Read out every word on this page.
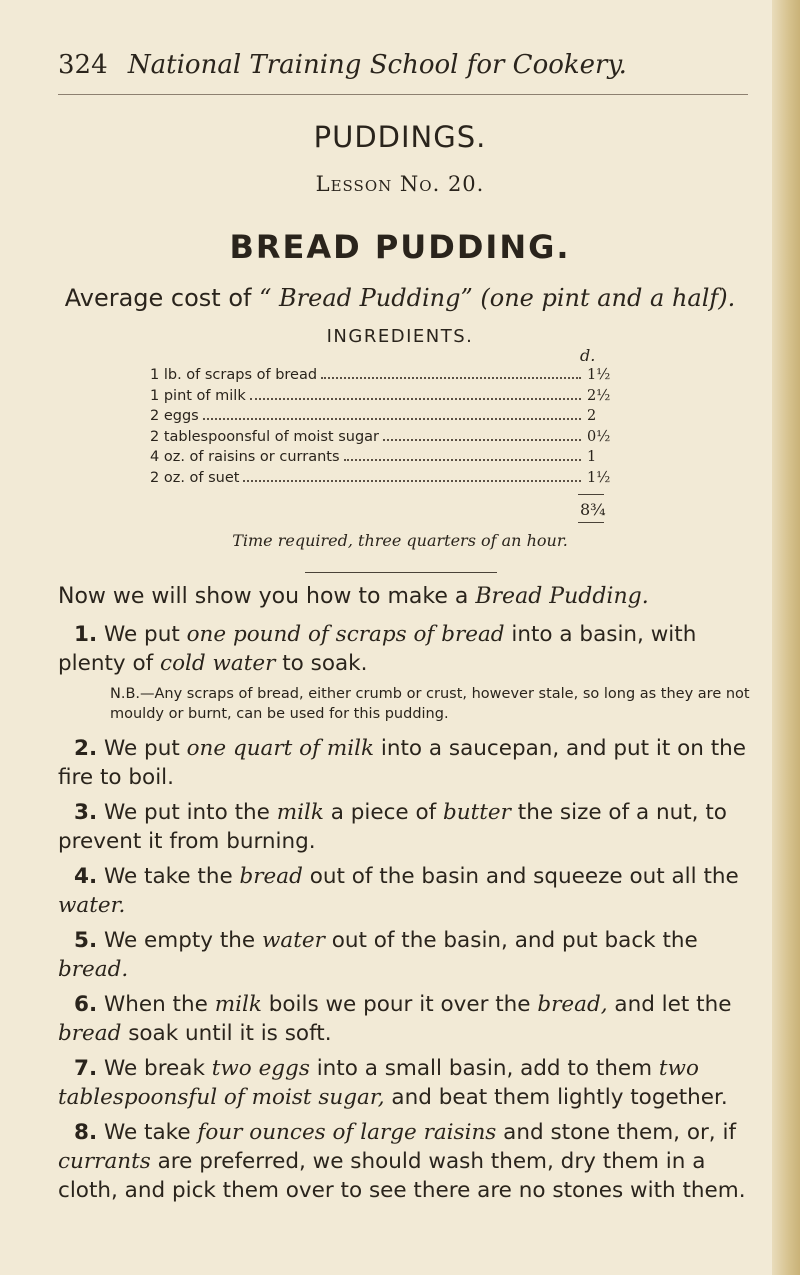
324 National Training School for Cookery.
PUDDINGS.
Lesson No. 20.
BREAD PUDDING.
Average cost of “ Bread Pudding” (one pint and a half).
INGREDIENTS.
d.
1 lb. of scraps of bread	1½
1 pint of milk	2½
2 eggs	2
2 tablespoonsful of moist sugar	0½
4 oz. of raisins or currants	1
2 oz. of suet	1½
8¾
Time required, three quarters of an hour.
Now we will show you how to make a Bread Pudding.

1. We put one pound of scraps of bread into a basin, with plenty of cold water to soak.

N.B.—Any scraps of bread, either crumb or crust, however stale, so long as they are not mouldy or burnt, can be used for this pudding.

2. We put one quart of milk into a saucepan, and put it on the fire to boil.

3. We put into the milk a piece of butter the size of a nut, to prevent it from burning.

4. We take the bread out of the basin and squeeze out all the water.

5. We empty the water out of the basin, and put back the bread.

6. When the milk boils we pour it over the bread, and let the bread soak until it is soft.

7. We break two eggs into a small basin, add to them two tablespoonsful of moist sugar, and beat them lightly together.

8. We take four ounces of large raisins and stone them, or, if currants are preferred, we should wash them, dry them in a cloth, and pick them over to see there are no stones with them.
